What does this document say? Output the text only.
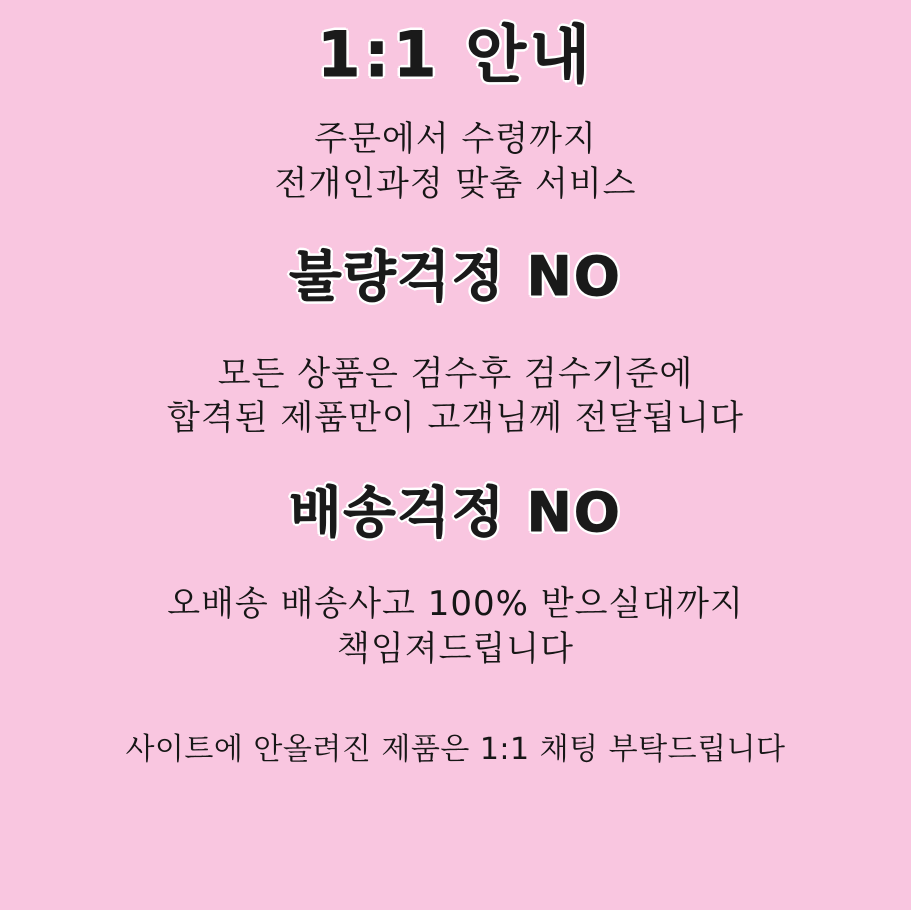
1:1 안내
주문에서 수령까지
전개인과정 맞춤 서비스
불량걱정 NO
모든 상품은 검수후 검수기준에
합격된 제품만이 고객님께 전달됩니다
배송걱정 NO
오배송 배송사고 100% 받으실대까지
책임져드립니다
사이트에 안올려진 제품은 1:1 채팅 부탁드립니다
